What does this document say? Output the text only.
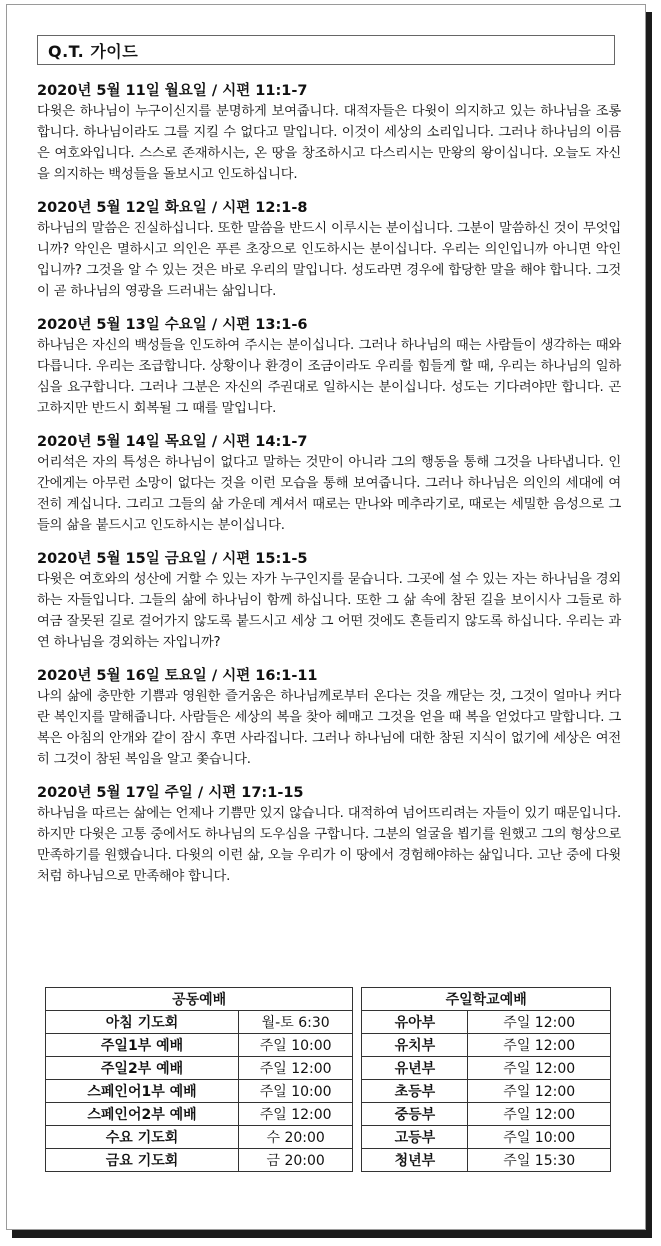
Q.T. 가이드
2020년 5월 11일 월요일 / 시편 11:1-7
다윗은 하나님이 누구이신지를 분명하게 보여줍니다. 대적자들은 다윗이 의지하고 있는 하나님을 조롱합니다. 하나님이라도 그를 지킬 수 없다고 말입니다. 이것이 세상의 소리입니다. 그러나 하나님의 이름은 여호와입니다. 스스로 존재하시는, 온 땅을 창조하시고 다스리시는 만왕의 왕이십니다. 오늘도 자신을 의지하는 백성들을 돌보시고 인도하십니다.
2020년 5월 12일 화요일 / 시편 12:1-8
하나님의 말씀은 진실하십니다. 또한 말씀을 반드시 이루시는 분이십니다. 그분이 말씀하신 것이 무엇입니까? 악인은 멸하시고 의인은 푸른 초장으로 인도하시는 분이십니다. 우리는 의인입니까 아니면 악인입니까? 그것을 알 수 있는 것은 바로 우리의 말입니다. 성도라면 경우에 합당한 말을 해야 합니다. 그것이 곧 하나님의 영광을 드러내는 삶입니다.
2020년 5월 13일 수요일 / 시편 13:1-6
하나님은 자신의 백성들을 인도하여 주시는 분이십니다. 그러나 하나님의 때는 사람들이 생각하는 때와 다릅니다. 우리는 조급합니다. 상황이나 환경이 조금이라도 우리를 힘들게 할 때, 우리는 하나님의 일하심을 요구합니다. 그러나 그분은 자신의 주권대로 일하시는 분이십니다. 성도는 기다려야만 합니다. 곤고하지만 반드시 회복될 그 때를 말입니다.
2020년 5월 14일 목요일 / 시편 14:1-7
어리석은 자의 특성은 하나님이 없다고 말하는 것만이 아니라 그의 행동을 통해 그것을 나타냅니다. 인간에게는 아무런 소망이 없다는 것을 이런 모습을 통해 보여줍니다. 그러나 하나님은 의인의 세대에 여전히 계십니다. 그리고 그들의 삶 가운데 계셔서 때로는 만나와 메추라기로, 때로는 세밀한 음성으로 그들의 삶을 붙드시고 인도하시는 분이십니다.
2020년 5월 15일 금요일 / 시편 15:1-5
다윗은 여호와의 성산에 거할 수 있는 자가 누구인지를 묻습니다. 그곳에 설 수 있는 자는 하나님을 경외하는 자들입니다. 그들의 삶에 하나님이 함께 하십니다. 또한 그 삶 속에 참된 길을 보이시사 그들로 하여금 잘못된 길로 걸어가지 않도록 붙드시고 세상 그 어떤 것에도 흔들리지 않도록 하십니다. 우리는 과연 하나님을 경외하는 자입니까?
2020년 5월 16일 토요일 / 시편 16:1-11
나의 삶에 충만한 기쁨과 영원한 즐거움은 하나님께로부터 온다는 것을 깨닫는 것, 그것이 얼마나 커다란 복인지를 말해줍니다. 사람들은 세상의 복을 찾아 헤매고 그것을 얻을 때 복을 얻었다고 말합니다. 그 복은 아침의 안개와 같이 잠시 후면 사라집니다. 그러나 하나님에 대한 참된 지식이 없기에 세상은 여전히 그것이 참된 복임을 알고 쫓습니다.
2020년 5월 17일 주일 / 시편 17:1-15
하나님을 따르는 삶에는 언제나 기쁨만 있지 않습니다. 대적하여 넘어뜨리려는 자들이 있기 때문입니다. 하지만 다윗은 고통 중에서도 하나님의 도우심을 구합니다. 그분의 얼굴을 뵙기를 원했고 그의 형상으로 만족하기를 원했습니다. 다윗의 이런 삶, 오늘 우리가 이 땅에서 경험해야하는 삶입니다. 고난 중에 다윗처럼 하나님으로 만족해야 합니다.
공동예배			주일학교예배	
아침 기도회	월-토 6:30		유아부	주일 12:00
주일1부 예배	주일 10:00		유치부	주일 12:00
주일2부 예배	주일 12:00		유년부	주일 12:00
스페인어1부 예배	주일 10:00		초등부	주일 12:00
스페인어2부 예배	주일 12:00		중등부	주일 12:00
수요 기도회	수 20:00		고등부	주일 10:00
금요 기도회	금 20:00		청년부	주일 15:30
